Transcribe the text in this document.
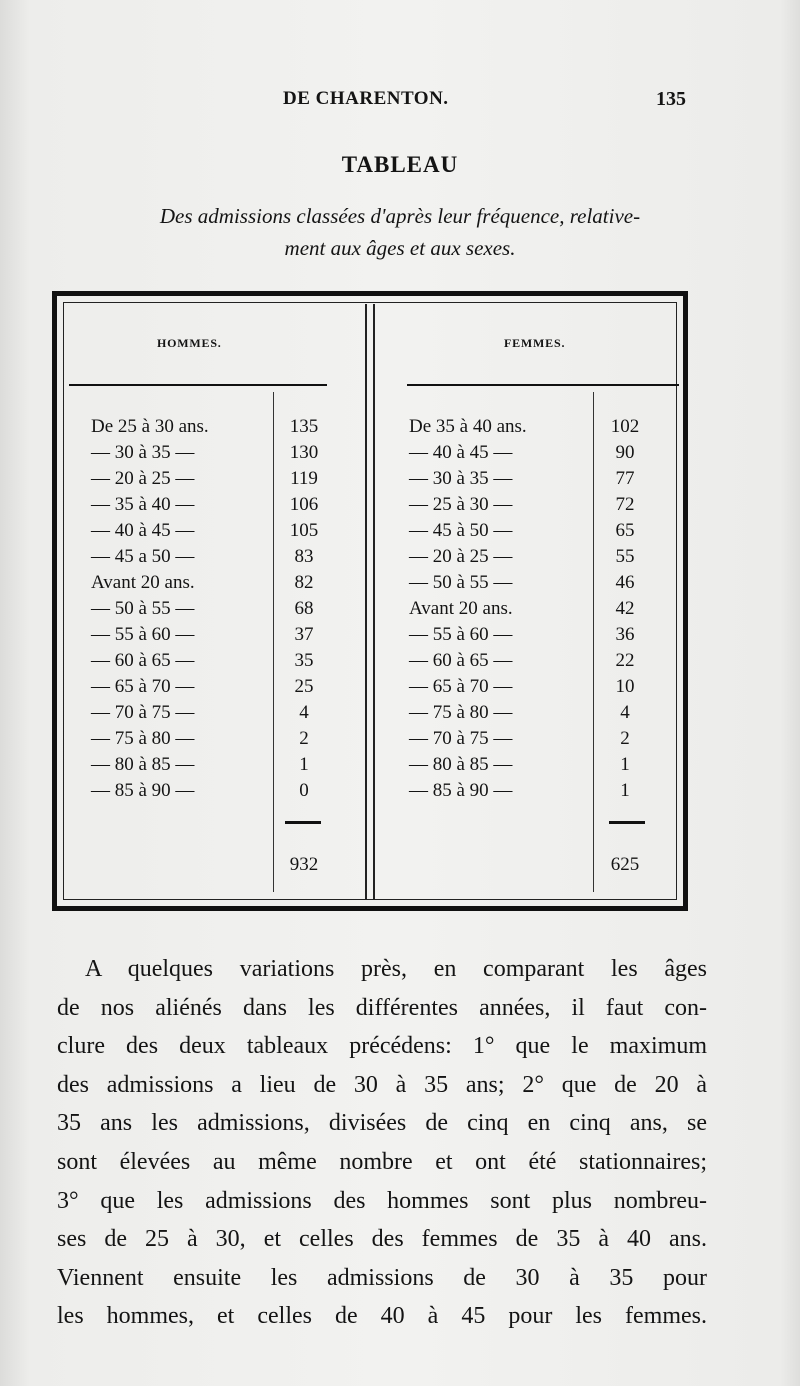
DE CHARENTON.	135
TABLEAU
Des admissions classées d'après leur fréquence, relative-
ment aux âges et aux sexes.
HOMMES.	FEMMES.
De 25 à 30 ans.	135
— 30 à 35 —	130
— 20 à 25 —	119
— 35 à 40 —	106
— 40 à 45 —	105
— 45 a 50 —	83
Avant 20 ans.	82
— 50 à 55 —	68
— 55 à 60 —	37
— 60 à 65 —	35
— 65 à 70 —	25
— 70 à 75 —	4
— 75 à 80 —	2
— 80 à 85 —	1
— 85 à 90 —	0
De 35 à 40 ans.	102
— 40 à 45 —	90
— 30 à 35 —	77
— 25 à 30 —	72
— 45 à 50 —	65
— 20 à 25 —	55
— 50 à 55 —	46
Avant 20 ans.	42
— 55 à 60 —	36
— 60 à 65 —	22
— 65 à 70 —	10
— 75 à 80 —	4
— 70 à 75 —	2
— 80 à 85 —	1
— 85 à 90 —	1
932	625

A quelques variations près, en comparant les âges

de nos aliénés dans les différentes années, il faut con-

clure des deux tableaux précédens: 1° que le maximum

des admissions a lieu de 30 à 35 ans; 2° que de 20 à

35 ans les admissions, divisées de cinq en cinq ans, se

sont élevées au même nombre et ont été stationnaires;

3° que les admissions des hommes sont plus nombreu-

ses de 25 à 30, et celles des femmes de 35 à 40 ans.

Viennent ensuite les admissions de 30 à 35 pour

les hommes, et celles de 40 à 45 pour les femmes.
